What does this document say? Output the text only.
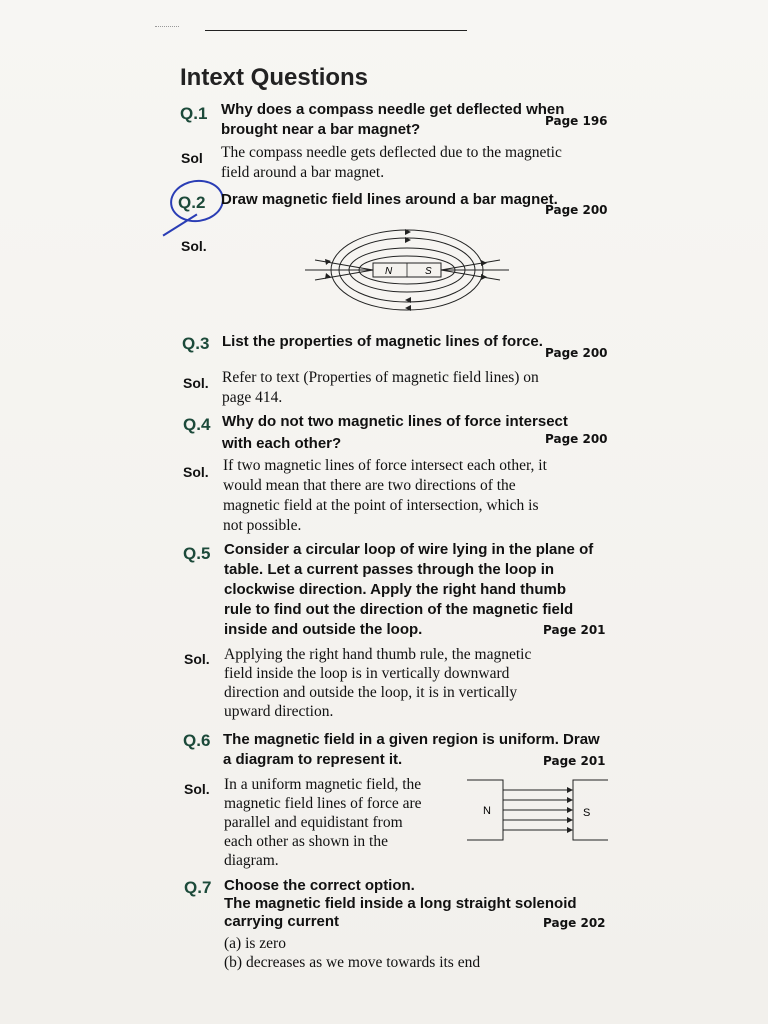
Intext Questions
Q.1 Why does a compass needle get deflected when
brought near a bar magnet?	Page 196
Sol The compass needle gets deflected due to the magnetic
field around a bar magnet.
Q.2 Draw magnetic field lines around a bar magnet.
Page 200
Sol.
N	S
Q.3 List the properties of magnetic lines of force.
Page 200
Sol. Refer to text (Properties of magnetic field lines) on
page 414.
Q.4 Why do not two magnetic lines of force intersect
with each other?	Page 200
Sol. If two magnetic lines of force intersect each other, it
would mean that there are two directions of the
magnetic field at the point of intersection, which is
not possible.
Q.5 Consider a circular loop of wire lying in the plane of
table. Let a current passes through the loop in
clockwise direction. Apply the right hand thumb
rule to find out the direction of the magnetic field
inside and outside the loop.	Page 201
Sol. Applying the right hand thumb rule, the magnetic
field inside the loop is in vertically downward
direction and outside the loop, it is in vertically
upward direction.
Q.6 The magnetic field in a given region is uniform. Draw
a diagram to represent it.	Page 201
Sol. In a uniform magnetic field, the
magnetic field lines of force are
parallel and equidistant from
each other as shown in the
diagram.
N	S
Q.7 Choose the correct option.
The magnetic field inside a long straight solenoid
carrying current	Page 202
(a) is zero
(b) decreases as we move towards its end
